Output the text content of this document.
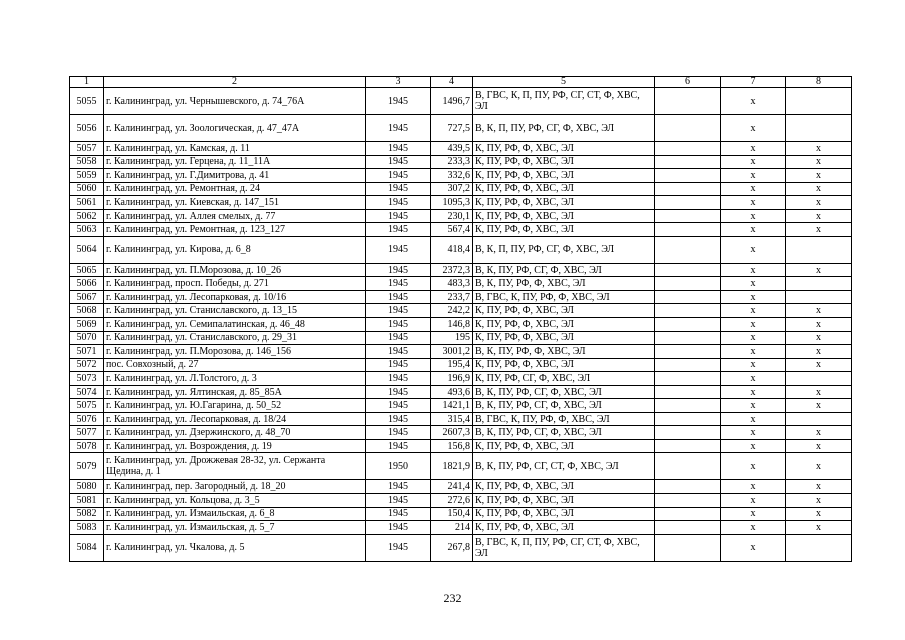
1	2	3	4	5	6	7	8
5055	г. Калининград, ул. Чернышевского, д. 74_76А	1945	1496,7	В, ГВС, К, П, ПУ, РФ, СГ, СТ, Ф, ХВС, ЭЛ		x	
5056	г. Калининград, ул. Зоологическая, д. 47_47А	1945	727,5	В, К, П, ПУ, РФ, СГ, Ф, ХВС, ЭЛ		x	
5057	г. Калининград, ул. Камская, д. 11	1945	439,5	К, ПУ, РФ, Ф, ХВС, ЭЛ		x	x
5058	г. Калининград, ул. Герцена, д. 11_11А	1945	233,3	К, ПУ, РФ, Ф, ХВС, ЭЛ		x	x
5059	г. Калининград, ул. Г.Димитрова, д. 41	1945	332,6	К, ПУ, РФ, Ф, ХВС, ЭЛ		x	x
5060	г. Калининград, ул. Ремонтная, д. 24	1945	307,2	К, ПУ, РФ, Ф, ХВС, ЭЛ		x	x
5061	г. Калининград, ул. Киевская, д. 147_151	1945	1095,3	К, ПУ, РФ, Ф, ХВС, ЭЛ		x	x
5062	г. Калининград, ул. Аллея смелых, д. 77	1945	230,1	К, ПУ, РФ, Ф, ХВС, ЭЛ		x	x
5063	г. Калининград, ул. Ремонтная, д. 123_127	1945	567,4	К, ПУ, РФ, Ф, ХВС, ЭЛ		x	x
5064	г. Калининград, ул. Кирова, д. 6_8	1945	418,4	В, К, П, ПУ, РФ, СГ, Ф, ХВС, ЭЛ		x	
5065	г. Калининград, ул. П.Морозова, д. 10_26	1945	2372,3	В, К, ПУ, РФ, СГ, Ф, ХВС, ЭЛ		x	x
5066	г. Калининград, просп. Победы, д. 271	1945	483,3	В, К, ПУ, РФ, Ф, ХВС, ЭЛ		x	
5067	г. Калининград, ул. Лесопарковая, д. 10/16	1945	233,7	В, ГВС, К, ПУ, РФ, Ф, ХВС, ЭЛ		x	
5068	г. Калининград, ул. Станиславского, д. 13_15	1945	242,2	К, ПУ, РФ, Ф, ХВС, ЭЛ		x	x
5069	г. Калининград, ул. Семипалатинская, д. 46_48	1945	146,8	К, ПУ, РФ, Ф, ХВС, ЭЛ		x	x
5070	г. Калининград, ул. Станиславского, д. 29_31	1945	195	К, ПУ, РФ, Ф, ХВС, ЭЛ		x	x
5071	г. Калининград, ул. П.Морозова, д. 146_156	1945	3001,2	В, К, ПУ, РФ, Ф, ХВС, ЭЛ		x	x
5072	пос. Совхозный, д. 27	1945	195,4	К, ПУ, РФ, Ф, ХВС, ЭЛ		x	x
5073	г. Калининград, ул. Л.Толстого, д. 3	1945	196,9	К, ПУ, РФ, СГ, Ф, ХВС, ЭЛ		x	
5074	г. Калининград, ул. Ялтинская, д. 85_85А	1945	493,6	В, К, ПУ, РФ, СГ, Ф, ХВС, ЭЛ		x	x
5075	г. Калининград, ул. Ю.Гагарина, д. 50_52	1945	1421,1	В, К, ПУ, РФ, СГ, Ф, ХВС, ЭЛ		x	x
5076	г. Калининград, ул. Лесопарковая, д. 18/24	1945	315,4	В, ГВС, К, ПУ, РФ, Ф, ХВС, ЭЛ		x	
5077	г. Калининград, ул. Дзержинского, д. 48_70	1945	2607,3	В, К, ПУ, РФ, СГ, Ф, ХВС, ЭЛ		x	x
5078	г. Калининград, ул. Возрождения, д. 19	1945	156,8	К, ПУ, РФ, Ф, ХВС, ЭЛ		x	x
5079	г. Калининград, ул. Дрожжевая 28-32, ул. Сержанта Щедина, д. 1	1950	1821,9	В, К, ПУ, РФ, СГ, СТ, Ф, ХВС, ЭЛ		x	x
5080	г. Калининград, пер. Загородный, д. 18_20	1945	241,4	К, ПУ, РФ, Ф, ХВС, ЭЛ		x	x
5081	г. Калининград, ул. Кольцова, д. 3_5	1945	272,6	К, ПУ, РФ, Ф, ХВС, ЭЛ		x	x
5082	г. Калининград, ул. Измаильская, д. 6_8	1945	150,4	К, ПУ, РФ, Ф, ХВС, ЭЛ		x	x
5083	г. Калининград, ул. Измаильская, д. 5_7	1945	214	К, ПУ, РФ, Ф, ХВС, ЭЛ		x	x
5084	г. Калининград, ул. Чкалова, д. 5	1945	267,8	В, ГВС, К, П, ПУ, РФ, СГ, СТ, Ф, ХВС, ЭЛ		x	
232
